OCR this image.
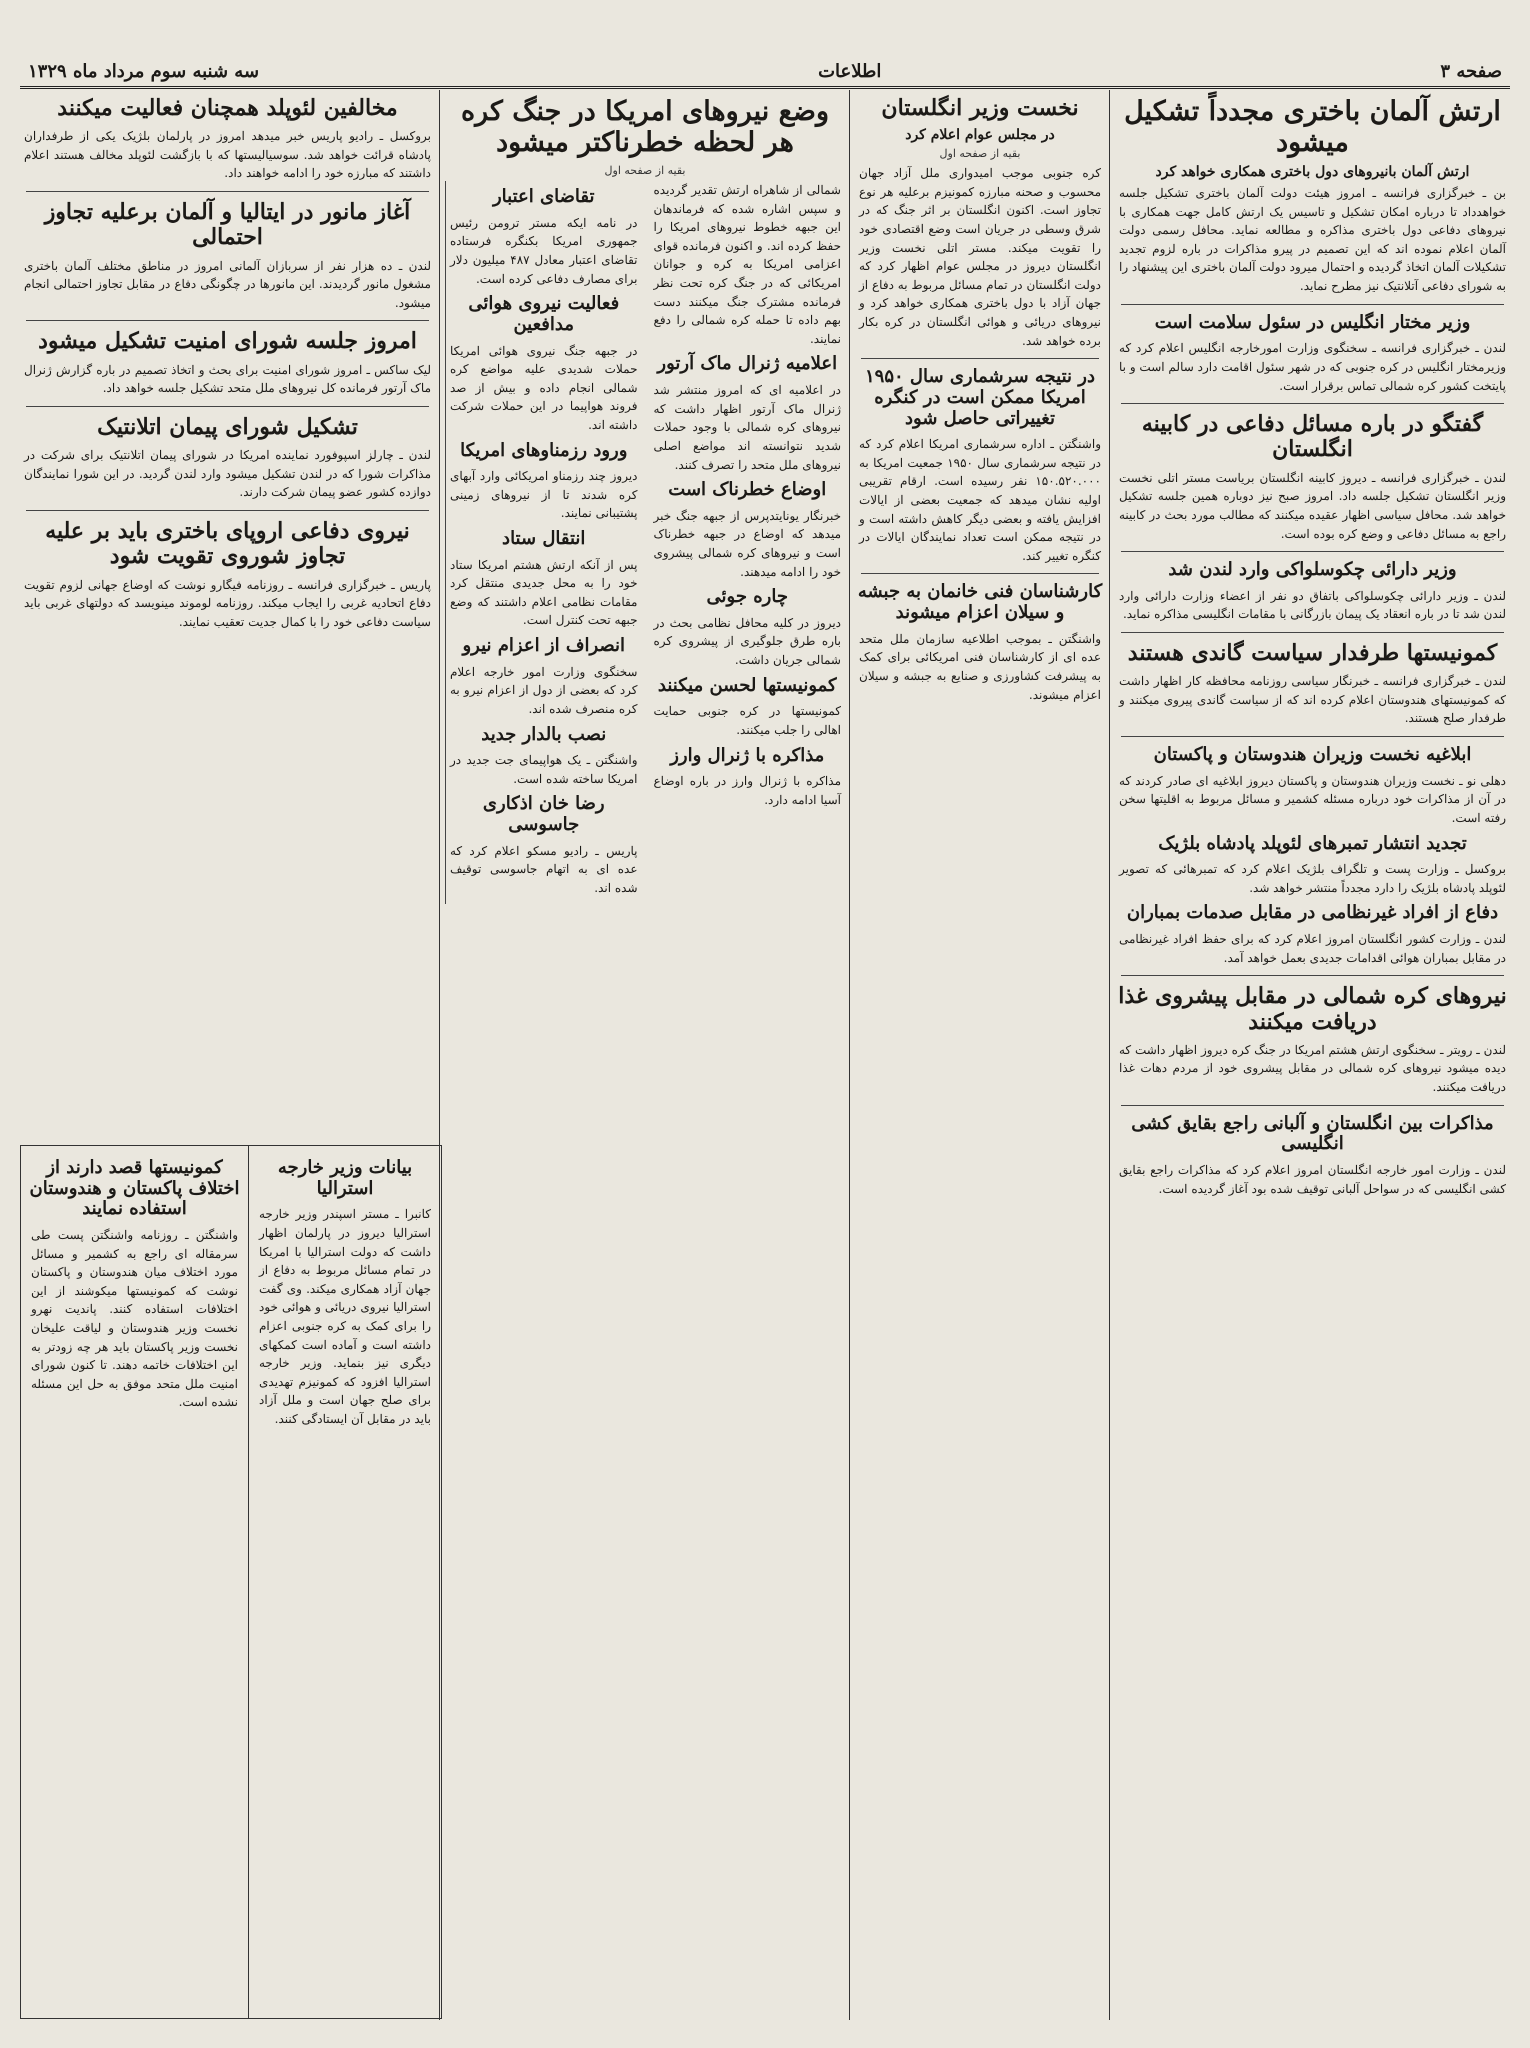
صفحه ۳
اطلاعات
سه شنبه سوم مرداد ماه ۱۳۲۹
ارتش آلمان باختری مجدداً تشکیل میشود
ارتش آلمان بانیروهای دول باختری همکاری خواهد کرد
بن ـ خبرگزاری فرانسه ـ امروز هیئت دولت آلمان باختری تشکیل جلسه خواهدداد تا درباره امکان تشکیل و تاسیس یک ارتش کامل جهت همکاری با نیروهای دفاعی دول باختری مذاکره و مطالعه نماید. محافل رسمی دولت آلمان اعلام نموده اند که این تصمیم در پیرو مذاکرات در باره لزوم تجدید تشکیلات آلمان اتخاذ گردیده و احتمال میرود دولت آلمان باختری این پیشنهاد را به شورای دفاعی آتلانتیک نیز مطرح نماید.
وزیر مختار انگلیس در سئول سلامت است
لندن ـ خبرگزاری فرانسه ـ سخنگوی وزارت امورخارجه انگلیس اعلام کرد که وزیرمختار انگلیس در کره جنوبی که در شهر سئول اقامت دارد سالم است و با پایتخت کشور کره شمالی تماس برقرار است.
گفتگو در باره مسائل دفاعی در کابینه انگلستان
لندن ـ خبرگزاری فرانسه ـ دیروز کابینه انگلستان بریاست مستر اتلی نخست وزیر انگلستان تشکیل جلسه داد. امروز صبح نیز دوباره همین جلسه تشکیل خواهد شد. محافل سیاسی اظهار عقیده میکنند که مطالب مورد بحث در کابینه راجع به مسائل دفاعی و وضع کره بوده است.
وزیر دارائی چکوسلواکی وارد لندن شد
لندن ـ وزیر دارائی چکوسلواکی باتفاق دو نفر از اعضاء وزارت دارائی وارد لندن شد تا در باره انعقاد یک پیمان بازرگانی با مقامات انگلیسی مذاکره نماید.
کمونیستها طرفدار سیاست گاندی هستند
لندن ـ خبرگزاری فرانسه ـ خبرنگار سیاسی روزنامه محافظه کار اظهار داشت که کمونیستهای هندوستان اعلام کرده اند که از سیاست گاندی پیروی میکنند و طرفدار صلح هستند.
ابلاغیه نخست وزیران هندوستان و پاکستان
دهلی نو ـ نخست وزیران هندوستان و پاکستان دیروز ابلاغیه ای صادر کردند که در آن از مذاکرات خود درباره مسئله کشمیر و مسائل مربوط به اقلیتها سخن رفته است.
تجدید انتشار تمبرهای لئوپلد پادشاه بلژیک
بروکسل ـ وزارت پست و تلگراف بلژیک اعلام کرد که تمبرهائی که تصویر لئوپلد پادشاه بلژیک را دارد مجدداً منتشر خواهد شد.
دفاع از افراد غیرنظامی در مقابل صدمات بمباران
لندن ـ وزارت کشور انگلستان امروز اعلام کرد که برای حفظ افراد غیرنظامی در مقابل بمباران هوائی اقدامات جدیدی بعمل خواهد آمد.
نیروهای کره شمالی در مقابل پیشروی غذا دریافت میکنند
لندن ـ رویتر ـ سخنگوی ارتش هشتم امریکا در جنگ کره دیروز اظهار داشت که دیده میشود نیروهای کره شمالی در مقابل پیشروی خود از مردم دهات غذا دریافت میکنند.
مذاکرات بین انگلستان و آلبانی راجع بقایق کشی انگلیسی
لندن ـ وزارت امور خارجه انگلستان امروز اعلام کرد که مذاکرات راجع بقایق کشی انگلیسی که در سواحل آلبانی توقیف شده بود آغاز گردیده است.
نخست وزیر انگلستان
در مجلس عوام اعلام کرد
بقیه از صفحه اول
کره جنوبی موجب امیدواری ملل آزاد جهان محسوب و صحنه مبارزه کمونیزم برعلیه هر نوع تجاوز است. اکنون انگلستان بر اثر جنگ که در شرق وسطی در جریان است وضع اقتصادی خود را تقویت میکند. مستر اتلی نخست وزیر انگلستان دیروز در مجلس عوام اظهار کرد که دولت انگلستان در تمام مسائل مربوط به دفاع از جهان آزاد با دول باختری همکاری خواهد کرد و نیروهای دریائی و هوائی انگلستان در کره بکار برده خواهد شد.
در نتیجه سرشماری سال ۱۹۵۰ امریکا ممکن است در کنگره تغییراتی حاصل شود
واشنگتن ـ اداره سرشماری امریکا اعلام کرد که در نتیجه سرشماری سال ۱۹۵۰ جمعیت امریکا به ۱۵۰.۵۲۰.۰۰۰ نفر رسیده است. ارقام تقریبی اولیه نشان میدهد که جمعیت بعضی از ایالات افزایش یافته و بعضی دیگر کاهش داشته است و در نتیجه ممکن است تعداد نمایندگان ایالات در کنگره تغییر کند.
کارشناسان فنی خانمان به جبشه و سیلان اعزام میشوند
واشنگتن ـ بموجب اطلاعیه سازمان ملل متحد عده ای از کارشناسان فنی امریکائی برای کمک به پیشرفت کشاورزی و صنایع به جبشه و سیلان اعزام میشوند.
وضع نیروهای امریکا در جنگ کره هر لحظه خطرناکتر میشود
بقیه از صفحه اول
شمالی از شاهراه ارتش تقدیر گردیده و سپس اشاره شده که فرماندهان این جبهه خطوط نیروهای امریکا را حفظ کرده اند. و اکنون فرمانده قوای اعزامی امریکا به کره و جوانان امریکائی که در جنگ کره تحت نظر فرمانده مشترک جنگ میکنند دست بهم داده تا حمله کره شمالی را دفع نمایند.
اعلامیه ژنرال ماک آرتور
در اعلامیه ای که امروز منتشر شد ژنرال ماک آرتور اظهار داشت که نیروهای کره شمالی با وجود حملات شدید نتوانسته اند مواضع اصلی نیروهای ملل متحد را تصرف کنند.
اوضاع خطرناک است
خبرنگار یونایتدپرس از جبهه جنگ خبر میدهد که اوضاع در جبهه خطرناک است و نیروهای کره شمالی پیشروی خود را ادامه میدهند.
چاره جوئی
دیروز در کلیه محافل نظامی بحث در باره طرق جلوگیری از پیشروی کره شمالی جریان داشت.
کمونیستها لحسن میکنند
کمونیستها در کره جنوبی حمایت اهالی را جلب میکنند.
مذاکره با ژنرال وارز
مذاکره با ژنرال وارز در باره اوضاع آسیا ادامه دارد.
تقاضای اعتبار
در نامه ایکه مستر ترومن رئیس جمهوری امریکا بکنگره فرستاده تقاضای اعتبار معادل ۴۸۷ میلیون دلار برای مصارف دفاعی کرده است.
فعالیت نیروی هوائی مدافعین
در جبهه جنگ نیروی هوائی امریکا حملات شدیدی علیه مواضع کره شمالی انجام داده و بیش از صد فروند هواپیما در این حملات شرکت داشته اند.
ورود رزمناوهای امریکا
دیروز چند رزمناو امریکائی وارد آبهای کره شدند تا از نیروهای زمینی پشتیبانی نمایند.
انتقال ستاد
پس از آنکه ارتش هشتم امریکا ستاد خود را به محل جدیدی منتقل کرد مقامات نظامی اعلام داشتند که وضع جبهه تحت کنترل است.
انصراف از اعزام نیرو
سخنگوی وزارت امور خارجه اعلام کرد که بعضی از دول از اعزام نیرو به کره منصرف شده اند.
نصب بالدار جدید
واشنگتن ـ یک هواپیمای جت جدید در امریکا ساخته شده است.
رضا خان اذکاری جاسوسی
پاریس ـ رادیو مسکو اعلام کرد که عده ای به اتهام جاسوسی توقیف شده اند.
مخالفین لئوپلد همچنان فعالیت میکنند
بروکسل ـ رادیو پاریس خبر میدهد امروز در پارلمان بلژیک یکی از طرفداران پادشاه قرائت خواهد شد. سوسیالیستها که با بازگشت لئوپلد مخالف هستند اعلام داشتند که مبارزه خود را ادامه خواهند داد.
آغاز مانور در ایتالیا و آلمان برعلیه تجاوز احتمالی
لندن ـ ده هزار نفر از سربازان آلمانی امروز در مناطق مختلف آلمان باختری مشغول مانور گردیدند. این مانورها در چگونگی دفاع در مقابل تجاوز احتمالی انجام میشود.
امروز جلسه شورای امنیت تشکیل میشود
لیک ساکس ـ امروز شورای امنیت برای بحث و اتخاذ تصمیم در باره گزارش ژنرال ماک آرتور فرمانده کل نیروهای ملل متحد تشکیل جلسه خواهد داد.
تشکیل شورای پیمان اتلانتیک
لندن ـ چارلز اسپوفورد نماینده امریکا در شورای پیمان اتلانتیک برای شرکت در مذاکرات شورا که در لندن تشکیل میشود وارد لندن گردید. در این شورا نمایندگان دوازده کشور عضو پیمان شرکت دارند.
نیروی دفاعی اروپای باختری باید بر علیه تجاوز شوروی تقویت شود
پاریس ـ خبرگزاری فرانسه ـ روزنامه فیگارو نوشت که اوضاع جهانی لزوم تقویت دفاع اتحادیه غربی را ایجاب میکند. روزنامه لوموند مینویسد که دولتهای غربی باید سیاست دفاعی خود را با کمال جدیت تعقیب نمایند.
کمونیستها قصد دارند از اختلاف پاکستان و هندوستان استفاده نمایند
واشنگتن ـ روزنامه واشنگتن پست طی سرمقاله ای راجع به کشمیر و مسائل مورد اختلاف میان هندوستان و پاکستان نوشت که کمونیستها میکوشند از این اختلافات استفاده کنند. پاندیت نهرو نخست وزیر هندوستان و لیاقت علیخان نخست وزیر پاکستان باید هر چه زودتر به این اختلافات خاتمه دهند. تا کنون شورای امنیت ملل متحد موفق به حل این مسئله نشده است.
بیانات وزیر خارجه استرالیا
کانبرا ـ مستر اسپندر وزیر خارجه استرالیا دیروز در پارلمان اظهار داشت که دولت استرالیا با امریکا در تمام مسائل مربوط به دفاع از جهان آزاد همکاری میکند. وی گفت استرالیا نیروی دریائی و هوائی خود را برای کمک به کره جنوبی اعزام داشته است و آماده است کمکهای دیگری نیز بنماید. وزیر خارجه استرالیا افزود که کمونیزم تهدیدی برای صلح جهان است و ملل آزاد باید در مقابل آن ایستادگی کنند.
